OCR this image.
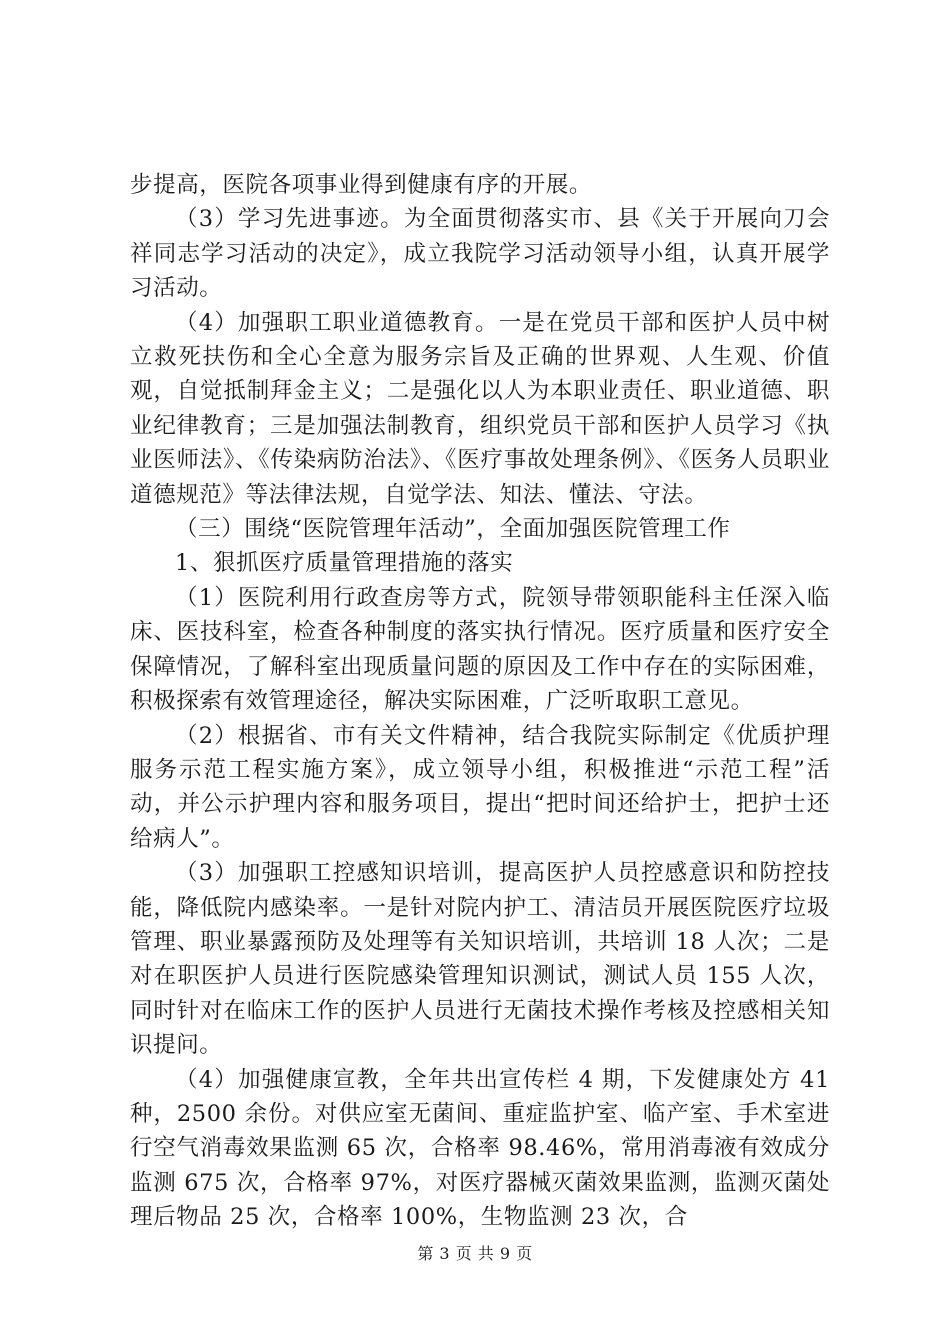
步提高，医院各项事业得到健康有序的开展。

（3）学习先进事迹。为全面贯彻落实市、县《关于开展向刀会祥同志学习活动的决定》，成立我院学习活动领导小组，认真开展学习活动。

（4）加强职工职业道德教育。一是在党员干部和医护人员中树立救死扶伤和全心全意为服务宗旨及正确的世界观、人生观、价值观，自觉抵制拜金主义；二是强化以人为本职业责任、职业道德、职业纪律教育；三是加强法制教育，组织党员干部和医护人员学习《执业医师法》、《传染病防治法》、《医疗事故处理条例》、《医务人员职业道德规范》等法律法规，自觉学法、知法、懂法、守法。

（三）围绕“医院管理年活动”，全面加强医院管理工作

1、狠抓医疗质量管理措施的落实

（1）医院利用行政查房等方式，院领导带领职能科主任深入临床、医技科室，检查各种制度的落实执行情况。医疗质量和医疗安全保障情况，了解科室出现质量问题的原因及工作中存在的实际困难，积极探索有效管理途径，解决实际困难，广泛听取职工意见。

（2）根据省、市有关文件精神，结合我院实际制定《优质护理服务示范工程实施方案》，成立领导小组，积极推进“示范工程”活动，并公示护理内容和服务项目，提出“把时间还给护士，把护士还给病人”。

（3）加强职工控感知识培训，提高医护人员控感意识和防控技能，降低院内感染率。一是针对院内护工、清洁员开展医院医疗垃圾管理、职业暴露预防及处理等有关知识培训，共培训 18 人次；二是对在职医护人员进行医院感染管理知识测试，测试人员 155 人次，同时针对在临床工作的医护人员进行无菌技术操作考核及控感相关知识提问。

（4）加强健康宣教，全年共出宣传栏 4 期，下发健康处方 41 种，2500 余份。对供应室无菌间、重症监护室、临产室、手术室进行空气消毒效果监测 65 次，合格率 98.46%，常用消毒液有效成分监测 675 次，合格率 97%，对医疗器械灭菌效果监测，监测灭菌处理后物品 25 次，合格率 100%，生物监测 23 次，合

第 3 页 共 9 页
